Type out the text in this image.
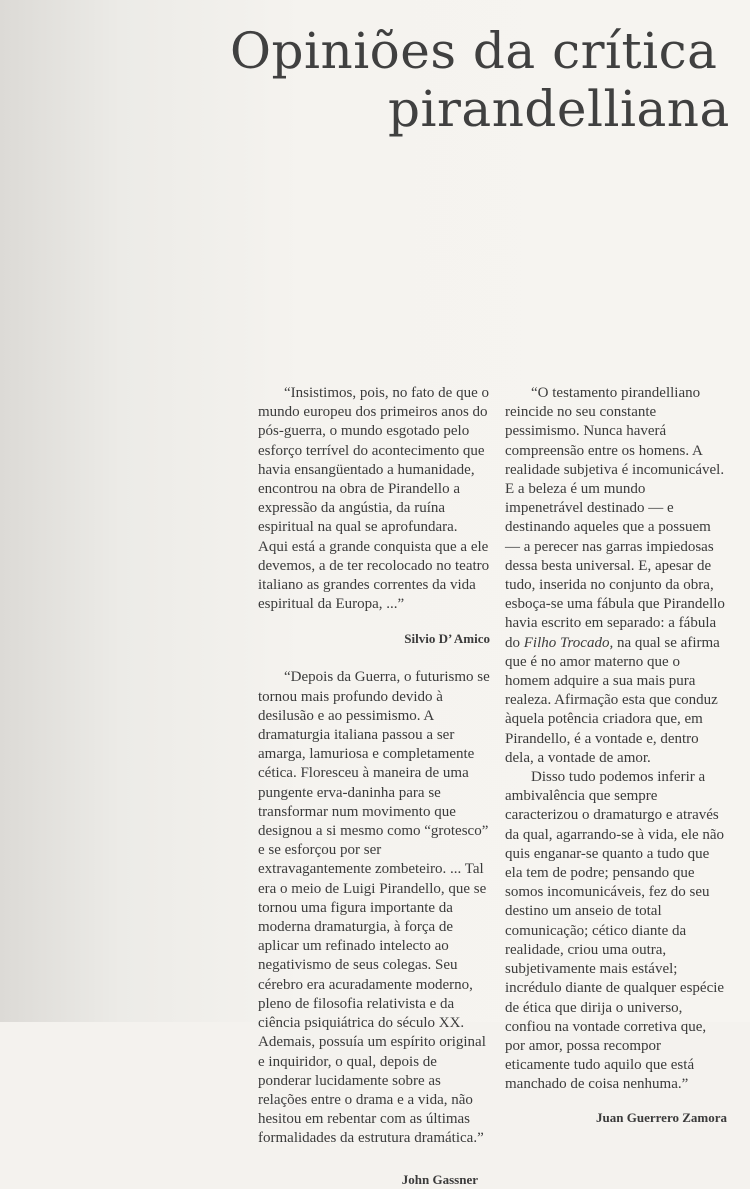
Opiniões da crítica
pirandelliana

“Insistimos, pois, no fato de que o mundo europeu dos primeiros anos do pós-guerra, o mundo esgotado pelo esforço terrível do acontecimento que havia ensangüentado a humanidade, encontrou na obra de Pirandello a expressão da angústia, da ruína espiritual na qual se aprofundara. Aqui está a grande conquista que a ele devemos, a de ter recolocado no teatro italiano as grandes correntes da vida espiritual da Europa, ...”

Silvio D’ Amico

“Depois da Guerra, o futurismo se tornou mais profundo devido à desilusão e ao pessimismo. A dramaturgia italiana passou a ser amarga, lamuriosa e completamente cética. Floresceu à maneira de uma pungente erva-daninha para se transformar num movimento que designou a si mesmo como “grotesco” e se esforçou por ser extravagantemente zombeteiro. ... Tal era o meio de Luigi Pirandello, que se tornou uma figura importante da moderna dramaturgia, à força de aplicar um refinado intelecto ao negativismo de seus colegas. Seu cérebro era acuradamente moderno, pleno de filosofia relativista e da ciência psiquiátrica do século XX. Ademais, possuía um espírito original e inquiridor, o qual, depois de ponderar lucidamente sobre as relações entre o drama e a vida, não hesitou em rebentar com as últimas formalidades da estrutura dramática.”

John Gassner

“O testamento pirandelliano reincide no seu constante pessimismo. Nunca haverá compreensão entre os homens. A realidade subjetiva é incomunicável. E a beleza é um mundo impenetrável destinado — e destinando aqueles que a possuem — a perecer nas garras impiedosas dessa besta universal. E, apesar de tudo, inserida no conjunto da obra, esboça-se uma fábula que Pirandello havia escrito em separado: a fábula do Filho Trocado, na qual se afirma que é no amor materno que o homem adquire a sua mais pura realeza. Afirmação esta que conduz àquela potência criadora que, em Pirandello, é a vontade e, dentro dela, a vontade de amor.

Disso tudo podemos inferir a ambivalência que sempre caracterizou o dramaturgo e através da qual, agarrando-se à vida, ele não quis enganar-se quanto a tudo que ela tem de podre; pensando que somos incomunicáveis, fez do seu destino um anseio de total comunicação; cético diante da realidade, criou uma outra, subjetivamente mais estável; incrédulo diante de qualquer espécie de ética que dirija o universo, confiou na vontade corretiva que, por amor, possa recompor eticamente tudo aquilo que está manchado de coisa nenhuma.”

Juan Guerrero Zamora
